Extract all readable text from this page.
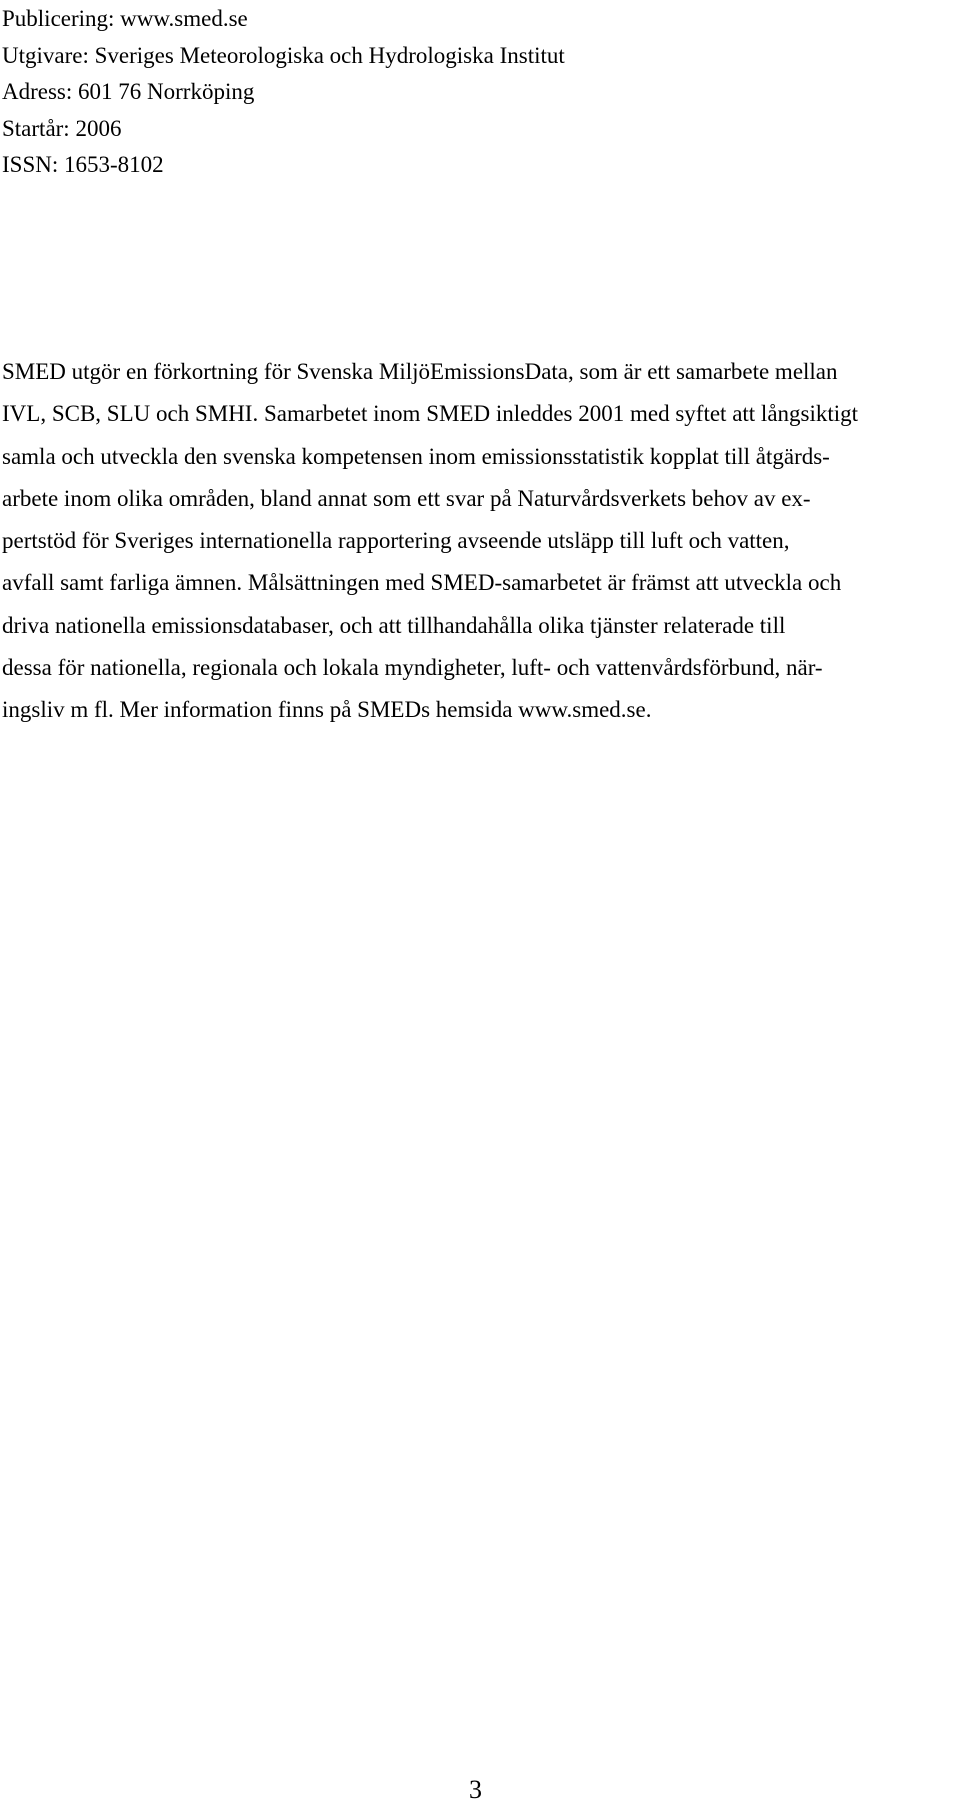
Publicering: www.smed.se
Utgivare: Sveriges Meteorologiska och Hydrologiska Institut
Adress: 601 76 Norrköping
Startår: 2006
ISSN: 1653-8102
SMED utgör en förkortning för Svenska MiljöEmissionsData, som är ett samarbete mellan
IVL, SCB, SLU och SMHI. Samarbetet inom SMED inleddes 2001 med syftet att långsiktigt
samla och utveckla den svenska kompetensen inom emissionsstatistik kopplat till åtgärds-
arbete inom olika områden, bland annat som ett svar på Naturvårdsverkets behov av ex-
pertstöd för Sveriges internationella rapportering avseende utsläpp till luft och vatten,
avfall samt farliga ämnen. Målsättningen med SMED-samarbetet är främst att utveckla och
driva nationella emissionsdatabaser, och att tillhandahålla olika tjänster relaterade till
dessa för nationella, regionala och lokala myndigheter, luft- och vattenvårdsförbund, när-
ingsliv m fl. Mer information finns på SMEDs hemsida www.smed.se.
3
